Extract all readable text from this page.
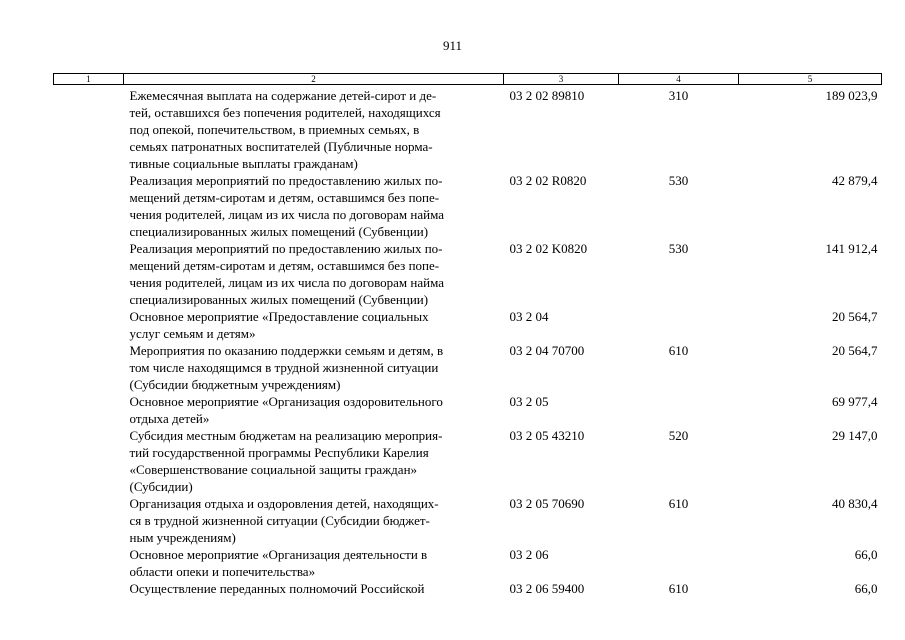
911
1	2	3	4	5
	Ежемесячная выплата на содержание детей-сирот и де-
тей, оставшихся без попечения родителей, находящихся
под опекой, попечительством, в приемных семьях, в
семьях патронатных воспитателей (Публичные норма-
тивные социальные выплаты гражданам)	03 2 02 89810	310	189 023,9
	Реализация мероприятий по предоставлению жилых по-
мещений детям-сиротам и детям, оставшимся без попе-
чения родителей, лицам из их числа по договорам найма
специализированных жилых помещений (Субвенции)	03 2 02 R0820	530	42 879,4
	Реализация мероприятий по предоставлению жилых по-
мещений детям-сиротам и детям, оставшимся без попе-
чения родителей, лицам из их числа по договорам найма
специализированных жилых помещений (Субвенции)	03 2 02 K0820	530	141 912,4
	Основное мероприятие «Предоставление социальных
услуг семьям и детям»	03 2 04		20 564,7
	Мероприятия по оказанию поддержки семьям и детям, в
том числе находящимся в трудной жизненной ситуации
(Субсидии бюджетным учреждениям)	03 2 04 70700	610	20 564,7
	Основное мероприятие «Организация оздоровительного
отдыха детей»	03 2 05		69 977,4
	Субсидия местным бюджетам на реализацию мероприя-
тий государственной программы Республики Карелия
«Совершенствование социальной защиты граждан»
(Субсидии)	03 2 05 43210	520	29 147,0
	Организация отдыха и оздоровления детей, находящих-
ся в трудной жизненной ситуации (Субсидии бюджет-
ным учреждениям)	03 2 05 70690	610	40 830,4
	Основное мероприятие «Организация деятельности в
области опеки и попечительства»	03 2 06		66,0
	Осуществление переданных полномочий Российской	03 2 06 59400	610	66,0
